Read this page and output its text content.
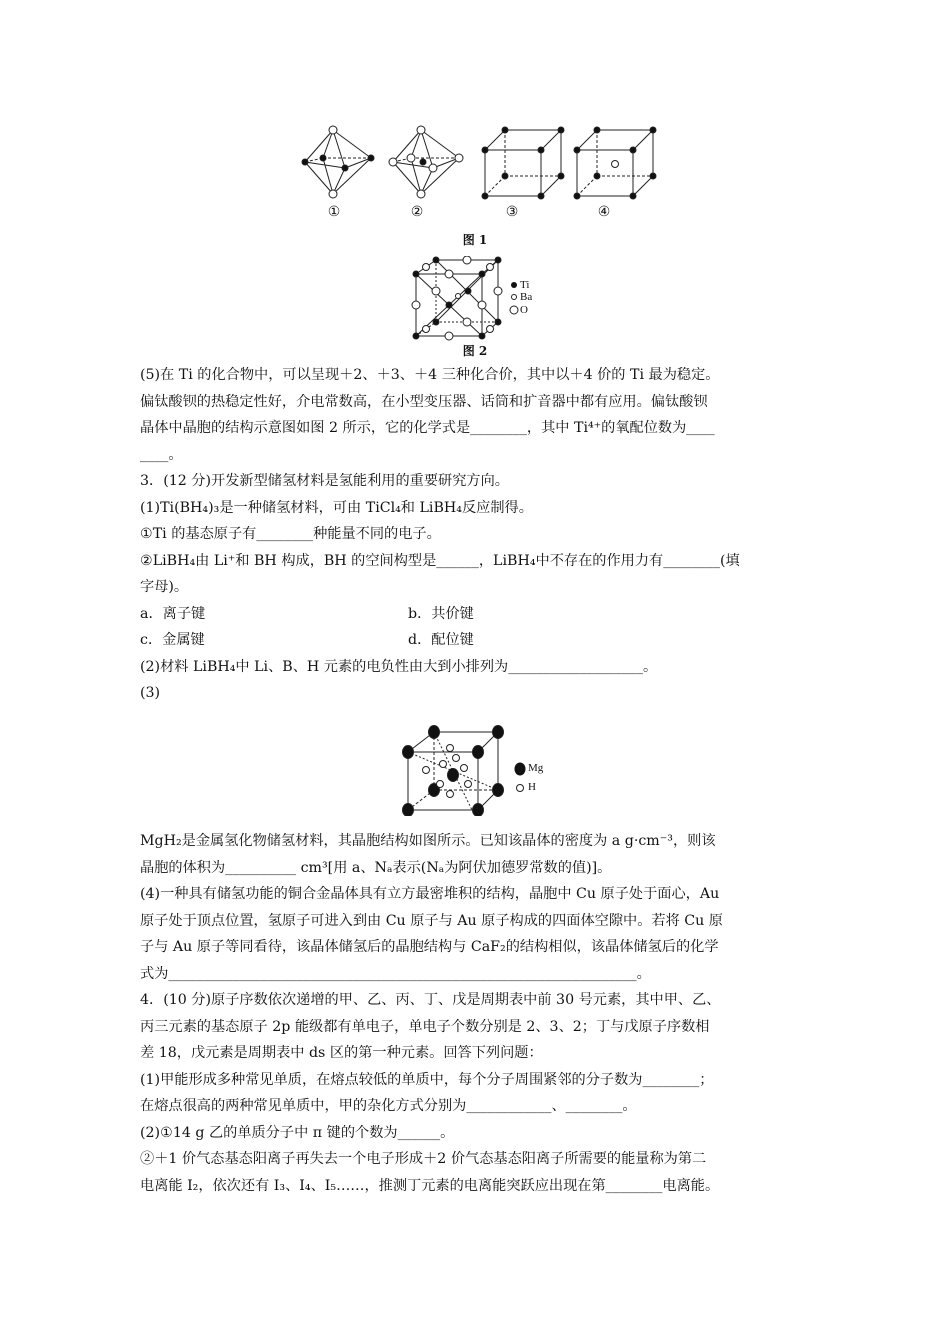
①	②	③	④
图 1
Ti
Ba
O
图 2
(5)在 Ti 的化合物中，可以呈现＋2、＋3、＋4 三种化合价，其中以＋4 价的 Ti 最为稳定。
偏钛酸钡的热稳定性好，介电常数高，在小型变压器、话筒和扩音器中都有应用。偏钛酸钡
晶体中晶胞的结构示意图如图 2 所示，它的化学式是________，其中 Ti⁴⁺的氧配位数为____
____。
3．(12 分)开发新型储氢材料是氢能利用的重要研究方向。
(1)Ti(BH₄)₃是一种储氢材料，可由 TiCl₄和 LiBH₄反应制得。
①Ti 的基态原子有________种能量不同的电子。
②LiBH₄由 Li⁺和 BH 构成，BH 的空间构型是______，LiBH₄中不存在的作用力有________(填
字母)。
a．离子键	b．共价键
c．金属键	d．配位键
(2)材料 LiBH₄中 Li、B、H 元素的电负性由大到小排列为___________________。
(3)
Mg
H
MgH₂是金属氢化物储氢材料，其晶胞结构如图所示。已知该晶体的密度为 a g·cm⁻³，则该
晶胞的体积为__________ cm³[用 a、Nₐ表示(Nₐ为阿伏加德罗常数的值)]。
(4)一种具有储氢功能的铜合金晶体具有立方最密堆积的结构，晶胞中 Cu 原子处于面心，Au
原子处于顶点位置，氢原子可进入到由 Cu 原子与 Au 原子构成的四面体空隙中。若将 Cu 原
子与 Au 原子等同看待，该晶体储氢后的晶胞结构与 CaF₂的结构相似，该晶体储氢后的化学
式为__________________________________________________________________。
4．(10 分)原子序数依次递增的甲、乙、丙、丁、戊是周期表中前 30 号元素，其中甲、乙、
丙三元素的基态原子 2p 能级都有单电子，单电子个数分别是 2、3、2；丁与戊原子序数相
差 18，戊元素是周期表中 ds 区的第一种元素。回答下列问题：
(1)甲能形成多种常见单质，在熔点较低的单质中，每个分子周围紧邻的分子数为________；
在熔点很高的两种常见单质中，甲的杂化方式分别为____________、________。
(2)①14 g 乙的单质分子中 π 键的个数为______。
②＋1 价气态基态阳离子再失去一个电子形成＋2 价气态基态阳离子所需要的能量称为第二
电离能 I₂，依次还有 I₃、I₄、I₅……，推测丁元素的电离能突跃应出现在第________电离能。
